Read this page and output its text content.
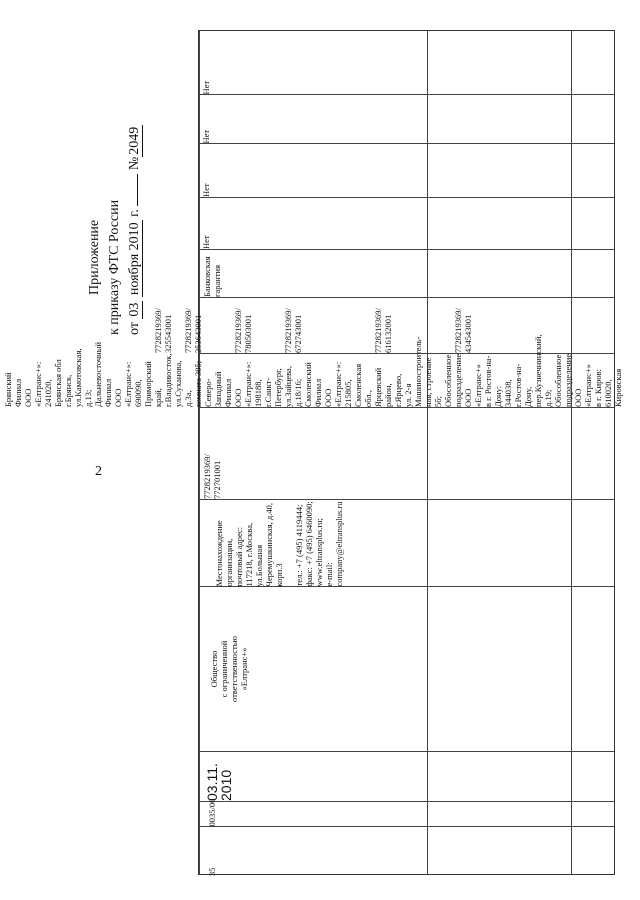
2
Приложение к приказу ФТС России от 03 ноября 2010 г.  №2049
35
0035/00
03.11.
2010
Общество
с ограниченной
ответственностью
«Елтранс+»
Местонахождение
организации,
почтовый адрес:
117218, г.Москва,
ул.Большая
Черемушкинская, д.40,
корп.3

тел.: +7 (495) 4119444;
факс: +7 (495) 6460090;
www.eltransplus.ru;
e-mail:
company@eltransplus.ru
7728219369/
772701001
Брянский Филиал
ООО «Елтранс+»:
241020, Брянская обл
г.Брянск,
ул.Камотовская, д.13;
Дальневосточный
Филиал
ООО «Елтранс+»:
690090, Приморский
край, г.Владивосток,
ул.Суханова, д.3а,
комната 305;
Северо-Западный
Филиал
ООО «Елтранс+»:
198188, г.Санкт-
Петербург,
ул.Зайцева, д.18/16;
Смоленский
Филиал
ООО «Елтранс+»:
215805, Смоленская
обл., Ярцевский
район, г.Ярцево,
ул. 2-я
Машиностроитель-
ная, строение 5б;
Обособленное
подразделение
ООО «Елтранс+»
в г. Ростов-на-Дону:
344038, г.Ростов-на-
Дону,
пер.Кузнечнинский,
д.19;
Обособленное
подразделение
ООО «Елтранс+»
в г. Киров:
610020, Кировская
7728219369/
325543001

7728219369/
253643001

7728219369/
780503001

7728219369/
672743001

7728219369/
616132001

7728219369/
434543001
Банковская
гарантия
Нет
Нет
Нет
Нет
